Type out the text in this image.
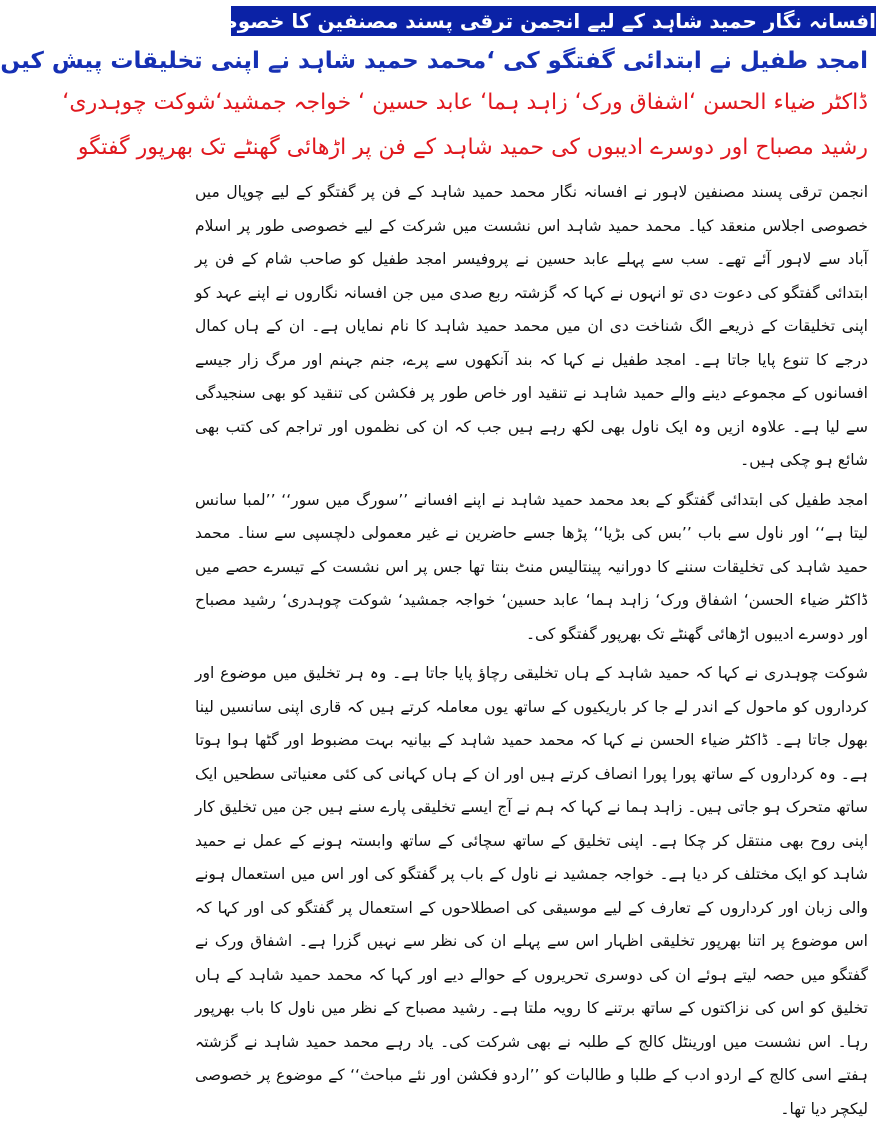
افسانہ نگار حمید شاہد کے لیے انجمن ترقی پسند مصنفین کا خصوصی اجلاس
امجد طفیل نے ابتدائی گفتگو کی ‘محمد حمید شاہد نے اپنی تخلیقات پیش کیں
ڈاکٹر ضیاء الحسن ‘اشفاق ورک‘ زاہد ہما‘ عابد حسین ‘ خواجہ جمشید‘شوکت چوہدری‘
رشید مصباح اور دوسرے ادیبوں کی حمید شاہد کے فن پر اڑھائی گھنٹے تک بھرپور گفتگو

انجمن ترقی پسند مصنفین لاہور نے افسانہ نگار محمد حمید شاہد کے فن پر گفتگو کے لیے چوپال میں خصوصی اجلاس منعقد کیا۔ محمد حمید شاہد اس نشست میں شرکت کے لیے خصوصی طور پر اسلام آباد سے لاہور آئے تھے۔ سب سے پہلے عابد حسین نے پروفیسر امجد طفیل کو صاحب شام کے فن پر ابتدائی گفتگو کی دعوت دی تو انہوں نے کہا کہ گزشتہ ربع صدی میں جن افسانہ نگاروں نے اپنے عہد کو اپنی تخلیقات کے ذریعے الگ شناخت دی ان میں محمد حمید شاہد کا نام نمایاں ہے۔ ان کے ہاں کمال درجے کا تنوع پایا جاتا ہے۔ امجد طفیل نے کہا کہ بند آنکھوں سے پرے، جنم جہنم اور مرگ زار جیسے افسانوں کے مجموعے دینے والے حمید شاہد نے تنقید اور خاص طور پر فکشن کی تنقید کو بھی سنجیدگی سے لیا ہے۔ علاوہ ازیں وہ ایک ناول بھی لکھ رہے ہیں جب کہ ان کی نظموں اور تراجم کی کتب بھی شائع ہو چکی ہیں۔

امجد طفیل کی ابتدائی گفتگو کے بعد محمد حمید شاہد نے اپنے افسانے ’’سورگ میں سور‘‘ ’’لمبا سانس لیتا ہے‘‘ اور ناول سے باب ’’بس کی بڑیا‘‘ پڑھا جسے حاضرین نے غیر معمولی دلچسپی سے سنا۔ محمد حمید شاہد کی تخلیقات سننے کا دورانیہ پینتالیس منٹ بنتا تھا جس پر اس نشست کے تیسرے حصے میں ڈاکٹر ضیاء الحسن‘ اشفاق ورک‘ زاہد ہما‘ عابد حسین‘ خواجہ جمشید‘ شوکت چوہدری‘ رشید مصباح اور دوسرے ادیبوں اڑھائی گھنٹے تک بھرپور گفتگو کی۔

شوکت چوہدری نے کہا کہ حمید شاہد کے ہاں تخلیقی رچاؤ پایا جاتا ہے۔ وہ ہر تخلیق میں موضوع اور کرداروں کو ماحول کے اندر لے جا کر باریکیوں کے ساتھ یوں معاملہ کرتے ہیں کہ قاری اپنی سانسیں لینا بھول جاتا ہے۔ ڈاکٹر ضیاء الحسن نے کہا کہ محمد حمید شاہد کے بیانیہ بہت مضبوط اور گٹھا ہوا ہوتا ہے۔ وہ کرداروں کے ساتھ پورا پورا انصاف کرتے ہیں اور ان کے ہاں کہانی کی کئی معنیاتی سطحیں ایک ساتھ متحرک ہو جاتی ہیں۔ زاہد ہما نے کہا کہ ہم نے آج ایسے تخلیقی پارے سنے ہیں جن میں تخلیق کار اپنی روح بھی منتقل کر چکا ہے۔ اپنی تخلیق کے ساتھ سچائی کے ساتھ وابستہ ہونے کے عمل نے حمید شاہد کو ایک مختلف کر دیا ہے۔ خواجہ جمشید نے ناول کے باب پر گفتگو کی اور اس میں استعمال ہونے والی زبان اور کرداروں کے تعارف کے لیے موسیقی کی اصطلاحوں کے استعمال پر گفتگو کی اور کہا کہ اس موضوع پر اتنا بھرپور تخلیقی اظہار اس سے پہلے ان کی نظر سے نہیں گزرا ہے۔ اشفاق ورک نے گفتگو میں حصہ لیتے ہوئے ان کی دوسری تحریروں کے حوالے دیے اور کہا کہ محمد حمید شاہد کے ہاں تخلیق کو اس کی نزاکتوں کے ساتھ برتنے کا رویہ ملتا ہے۔ رشید مصباح کے نظر میں ناول کا باب بھرپور رہا۔ اس نشست میں اورینٹل کالج کے طلبہ نے بھی شرکت کی۔ یاد رہے محمد حمید شاہد نے گزشتہ ہفتے اسی کالج کے اردو ادب کے طلبا و طالبات کو ’’اردو فکشن اور نئے مباحث‘‘ کے موضوع پر خصوصی لیکچر دیا تھا۔
